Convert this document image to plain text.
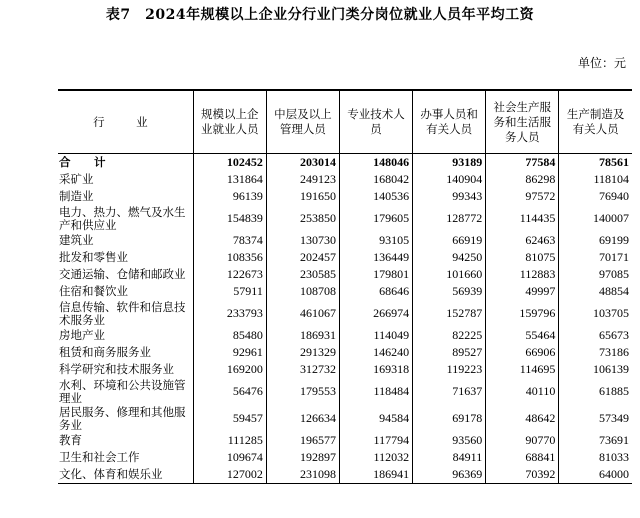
表7　2024年规模以上企业分行业门类分岗位就业人员年平均工资
单位：元
行　业	规模以上企业就业人员	中层及以上管理人员	专业技术人员	办事人员和有关人员	社会生产服务和生活服务人员	生产制造及有关人员
合　计	102452	203014	148046	93189	77584	78561
采矿业	131864	249123	168042	140904	86298	118104
制造业	96139	191650	140536	99343	97572	76940
电力、热力、燃气及水生产和供应业	154839	253850	179605	128772	114435	140007
建筑业	78374	130730	93105	66919	62463	69199
批发和零售业	108356	202457	136449	94250	81075	70171
交通运输、仓储和邮政业	122673	230585	179801	101660	112883	97085
住宿和餐饮业	57911	108708	68646	56939	49997	48854
信息传输、软件和信息技术服务业	233793	461067	266974	152787	159796	103705
房地产业	85480	186931	114049	82225	55464	65673
租赁和商务服务业	92961	291329	146240	89527	66906	73186
科学研究和技术服务业	169200	312732	169318	119223	114695	106139
水利、环境和公共设施管理业	56476	179553	118484	71637	40110	61885
居民服务、修理和其他服务业	59457	126634	94584	69178	48642	57349
教育	111285	196577	117794	93560	90770	73691
卫生和社会工作	109674	192897	112032	84911	68841	81033
文化、体育和娱乐业	127002	231098	186941	96369	70392	64000
